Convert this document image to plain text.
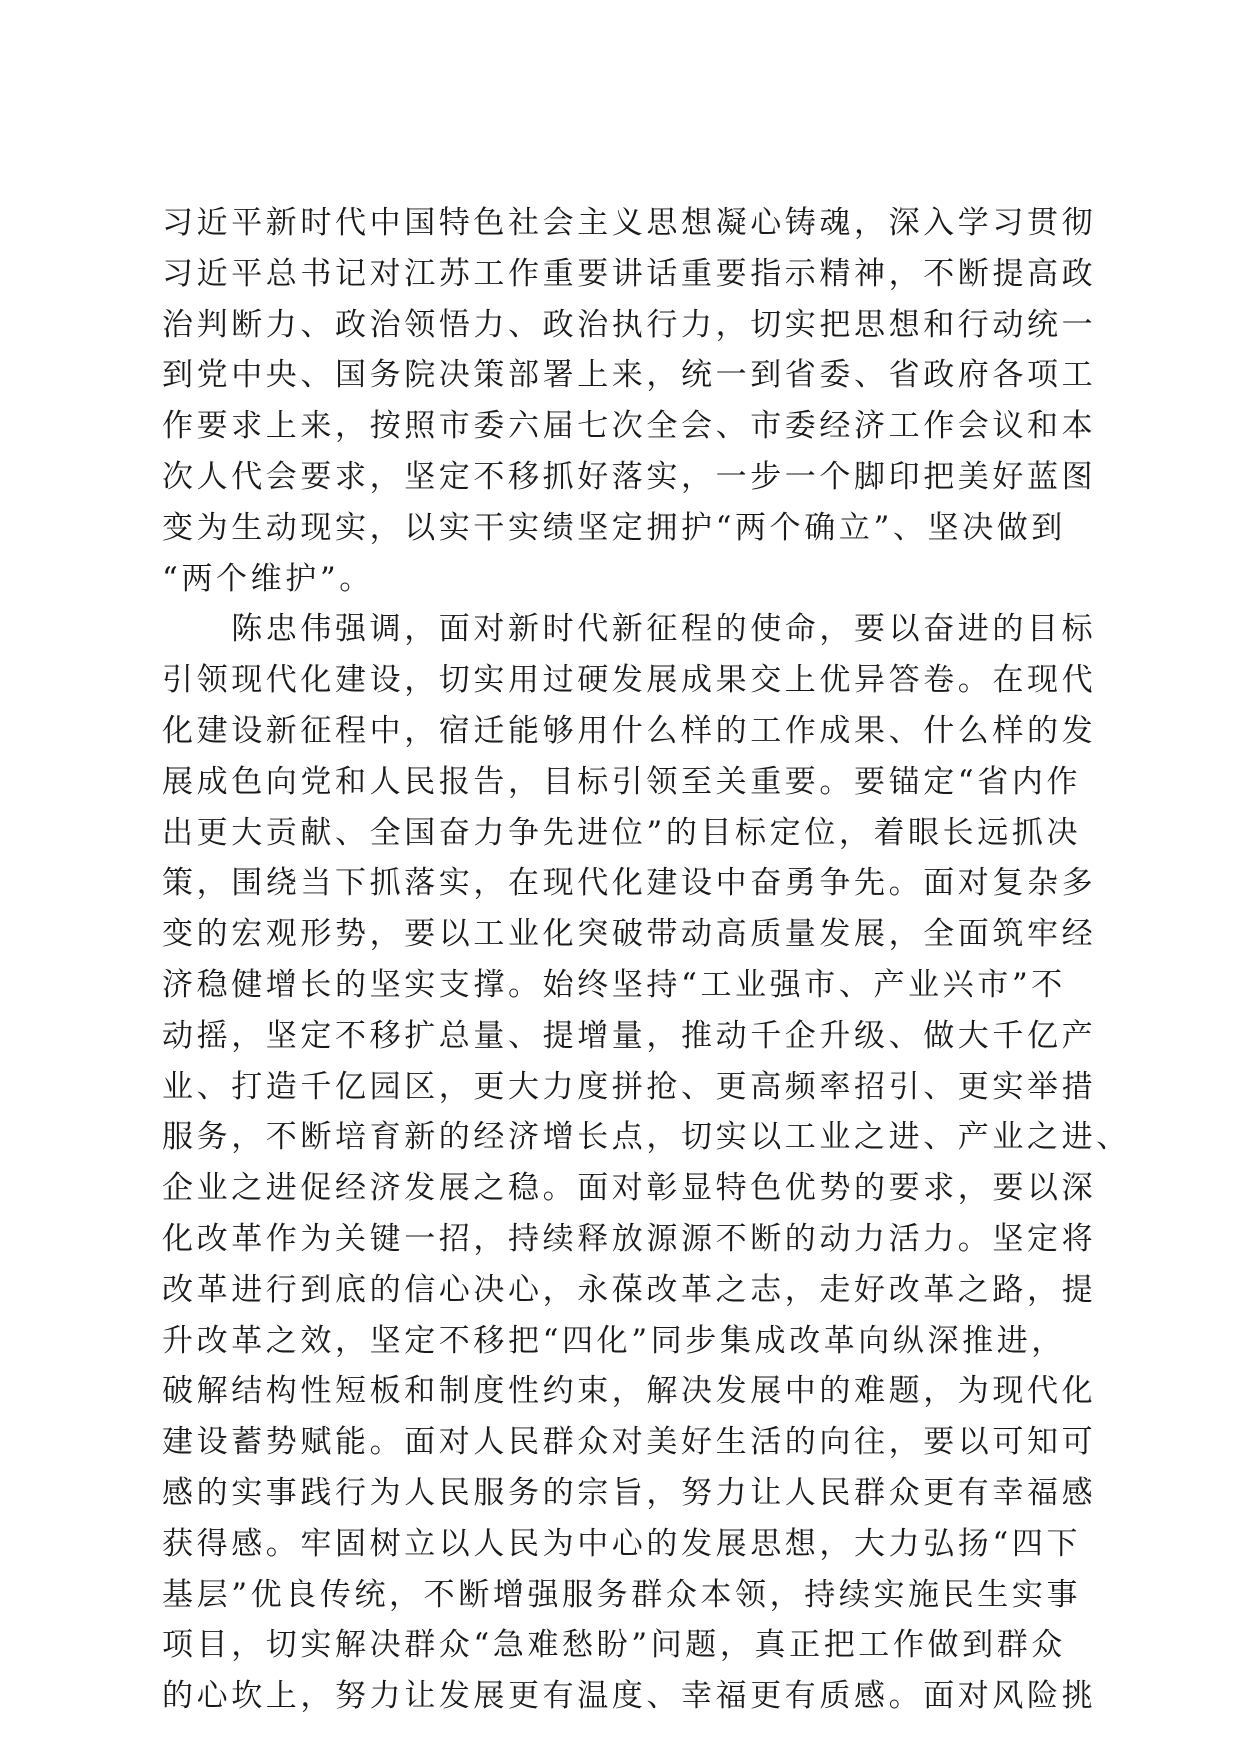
习近平新时代中国特色社会主义思想凝心铸魂，深入学习贯彻
习近平总书记对江苏工作重要讲话重要指示精神，不断提高政
治判断力、政治领悟力、政治执行力，切实把思想和行动统一
到党中央、国务院决策部署上来，统一到省委、省政府各项工
作要求上来，按照市委六届七次全会、市委经济工作会议和本
次人代会要求，坚定不移抓好落实，一步一个脚印把美好蓝图
变为生动现实，以实干实绩坚定拥护“两个确立”、坚决做到
“两个维护”。
　　陈忠伟强调，面对新时代新征程的使命，要以奋进的目标
引领现代化建设，切实用过硬发展成果交上优异答卷。在现代
化建设新征程中，宿迁能够用什么样的工作成果、什么样的发
展成色向党和人民报告，目标引领至关重要。要锚定“省内作
出更大贡献、全国奋力争先进位”的目标定位，着眼长远抓决
策，围绕当下抓落实，在现代化建设中奋勇争先。面对复杂多
变的宏观形势，要以工业化突破带动高质量发展，全面筑牢经
济稳健增长的坚实支撑。始终坚持“工业强市、产业兴市”不
动摇，坚定不移扩总量、提增量，推动千企升级、做大千亿产
业、打造千亿园区，更大力度拼抢、更高频率招引、更实举措
服务，不断培育新的经济增长点，切实以工业之进、产业之进、
企业之进促经济发展之稳。面对彰显特色优势的要求，要以深
化改革作为关键一招，持续释放源源不断的动力活力。坚定将
改革进行到底的信心决心，永葆改革之志，走好改革之路，提
升改革之效，坚定不移把“四化”同步集成改革向纵深推进，
破解结构性短板和制度性约束，解决发展中的难题，为现代化
建设蓄势赋能。面对人民群众对美好生活的向往，要以可知可
感的实事践行为人民服务的宗旨，努力让人民群众更有幸福感
获得感。牢固树立以人民为中心的发展思想，大力弘扬“四下
基层”优良传统，不断增强服务群众本领，持续实施民生实事
项目，切实解决群众“急难愁盼”问题，真正把工作做到群众
的心坎上，努力让发展更有温度、幸福更有质感。面对风险挑
